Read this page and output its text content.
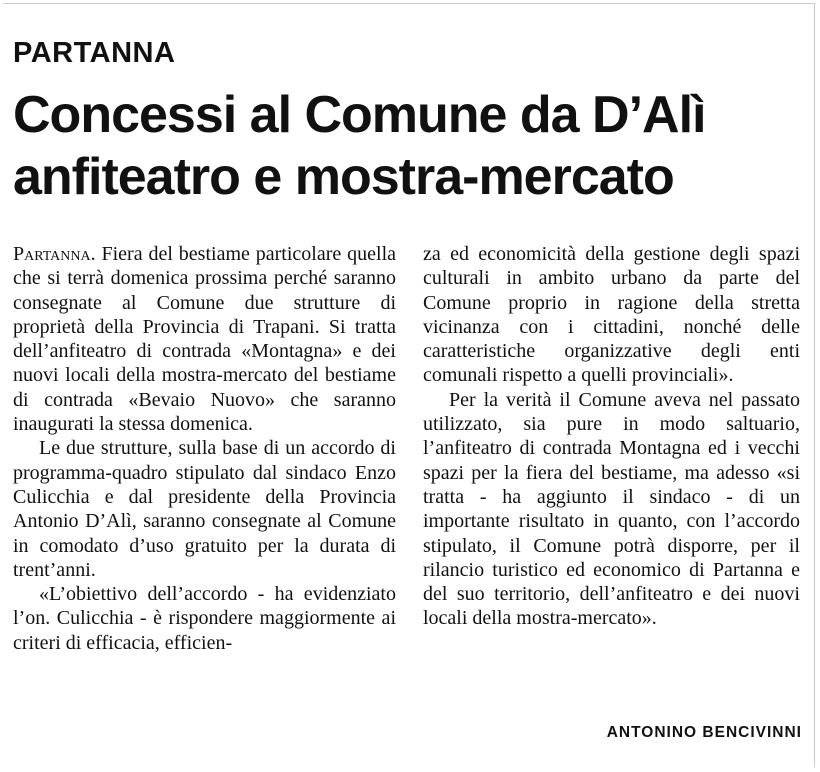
PARTANNA
Concessi al Comune da D’Alì
anfiteatro e mostra-mercato

Partanna. Fiera del bestiame particolare quella che si terrà domenica prossima perché saranno consegnate al Comune due strutture di proprietà della Provincia di Trapani. Si tratta dell’anfiteatro di contrada «Montagna» e dei nuovi locali della mostra-mercato del bestiame di contrada «Bevaio Nuovo» che saranno inaugurati la stessa domenica.

Le due strutture, sulla base di un accordo di programma-quadro stipulato dal sindaco Enzo Culicchia e dal presidente della Provincia Antonio D’Alì, saranno consegnate al Comune in comodato d’uso gratuito per la durata di trent’anni.

«L’obiettivo dell’accordo - ha evidenziato l’on. Culicchia - è rispondere maggiormente ai criteri di efficacia, efficien-

za ed economicità della gestione degli spazi culturali in ambito urbano da parte del Comune proprio in ragione della stretta vicinanza con i cittadini, nonché delle caratteristiche organizzative degli enti comunali rispetto a quelli provinciali».

Per la verità il Comune aveva nel passato utilizzato, sia pure in modo saltuario, l’anfiteatro di contrada Montagna ed i vecchi spazi per la fiera del bestiame, ma adesso «si tratta - ha aggiunto il sindaco - di un importante risultato in quanto, con l’accordo stipulato, il Comune potrà disporre, per il rilancio turistico ed economico di Partanna e del suo territorio, dell’anfiteatro e dei nuovi locali della mostra-mercato».

ANTONINO BENCIVINNI
